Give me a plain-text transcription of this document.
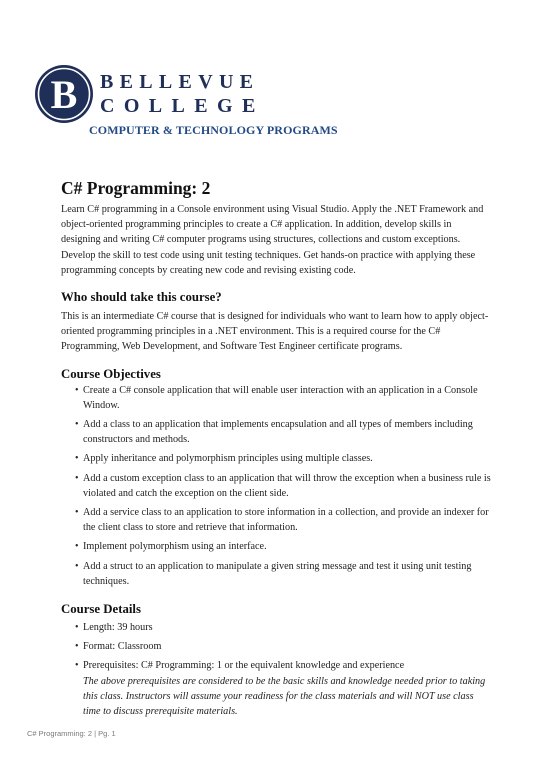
B BELLEVUE
COLLEGE
COMPUTER & TECHNOLOGY PROGRAMS
C# Programming: 2

Learn C# programming in a Console environment using Visual Studio. Apply the .NET Framework and object-oriented programming principles to create a C# application. In addition, develop skills in designing and writing C# computer programs using structures, collections and custom exceptions. Develop the skill to test code using unit testing techniques. Get hands-on practice with applying these programming concepts by creating new code and revising existing code.

Who should take this course?

This is an intermediate C# course that is designed for individuals who want to learn how to apply object-oriented programming principles in a .NET environment. This is a required course for the C# Programming, Web Development, and Software Test Engineer certificate programs.

Course Objectives
• Create a C# console application that will enable user interaction with an application in a Console Window.
• Add a class to an application that implements encapsulation and all types of members including constructors and methods.
• Apply inheritance and polymorphism principles using multiple classes.
• Add a custom exception class to an application that will throw the exception when a business rule is violated and catch the exception on the client side.
• Add a service class to an application to store information in a collection, and provide an indexer for the client class to store and retrieve that information.
• Implement polymorphism using an interface.
• Add a struct to an application to manipulate a given string message and test it using unit testing techniques.
Course Details
• Length: 39 hours
• Format: Classroom
• Prerequisites: C# Programming: 1 or the equivalent knowledge and experience

The above prerequisites are considered to be the basic skills and knowledge needed prior to taking this class. Instructors will assume your readiness for the class materials and will NOT use class time to discuss prerequisite materials.

C# Programming: 2 | Pg. 1
